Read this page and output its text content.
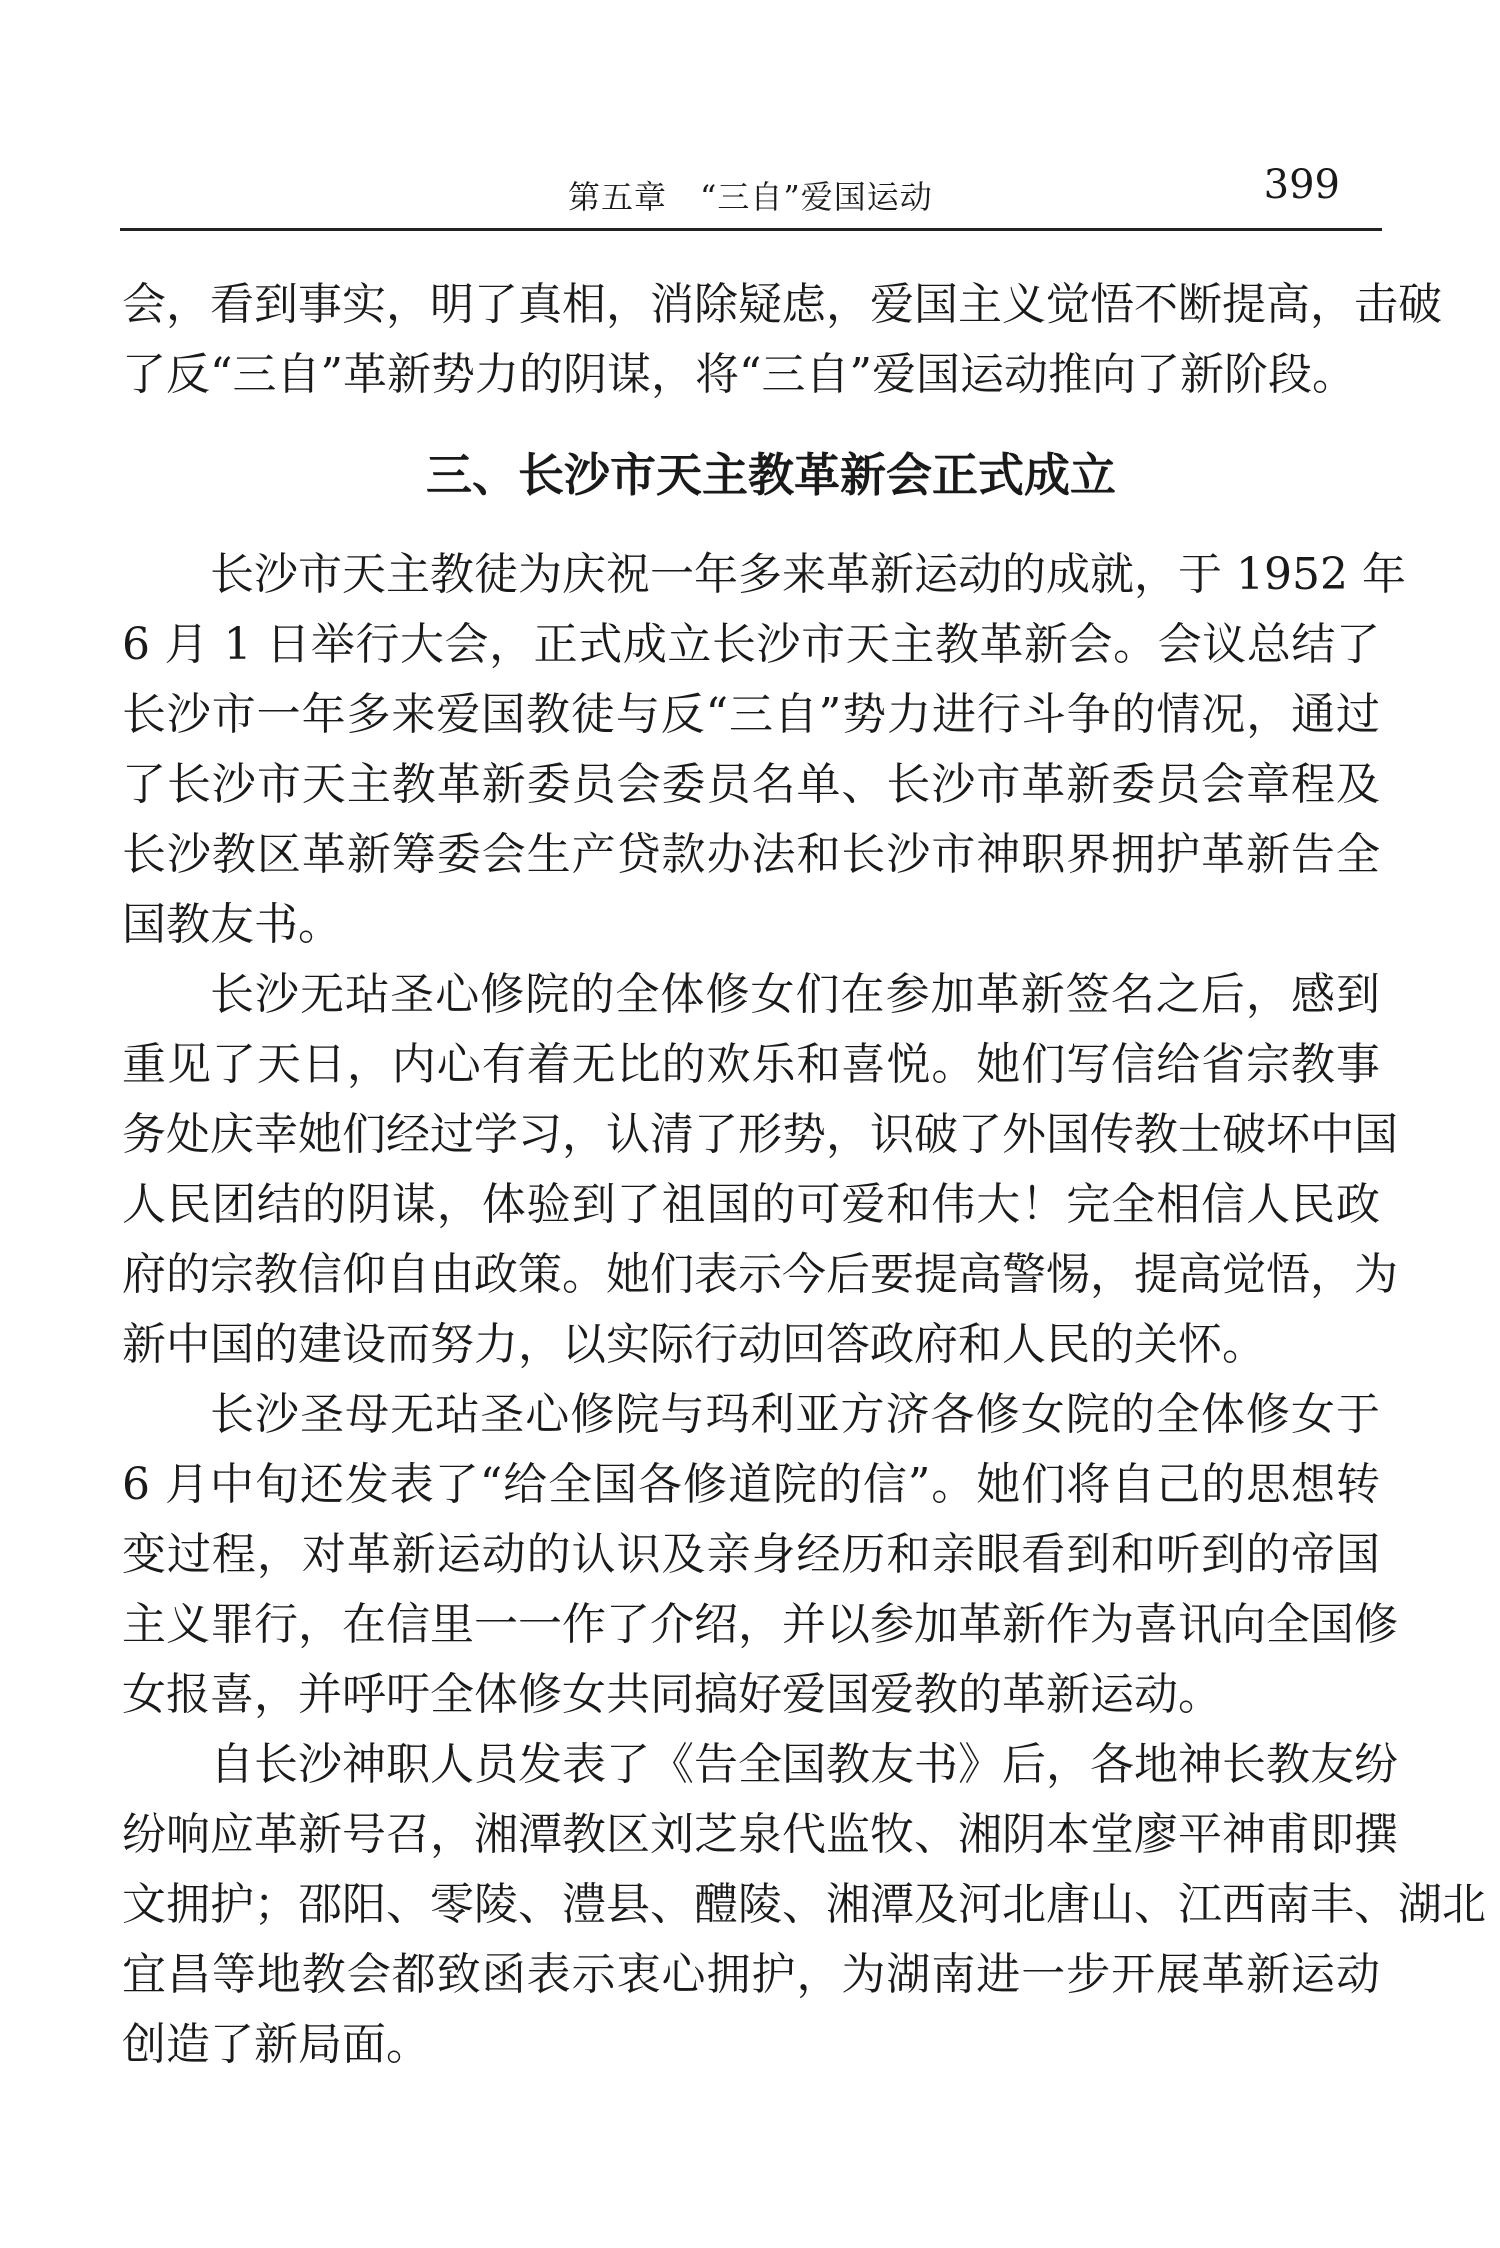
第五章　“三自”爱国运动	399
会，看到事实，明了真相，消除疑虑，爱国主义觉悟不断提高，击破
了反“三自”革新势力的阴谋，将“三自”爱国运动推向了新阶段。
三、长沙市天主教革新会正式成立
长沙市天主教徒为庆祝一年多来革新运动的成就，于 1952 年
6 月 1 日举行大会，正式成立长沙市天主教革新会。会议总结了
长沙市一年多来爱国教徒与反“三自”势力进行斗争的情况，通过
了长沙市天主教革新委员会委员名单、长沙市革新委员会章程及
长沙教区革新筹委会生产贷款办法和长沙市神职界拥护革新告全
国教友书。
长沙无玷圣心修院的全体修女们在参加革新签名之后，感到
重见了天日，内心有着无比的欢乐和喜悦。她们写信给省宗教事
务处庆幸她们经过学习，认清了形势，识破了外国传教士破坏中国
人民团结的阴谋，体验到了祖国的可爱和伟大！完全相信人民政
府的宗教信仰自由政策。她们表示今后要提高警惕，提高觉悟，为
新中国的建设而努力，以实际行动回答政府和人民的关怀。
长沙圣母无玷圣心修院与玛利亚方济各修女院的全体修女于
6 月中旬还发表了“给全国各修道院的信”。她们将自己的思想转
变过程，对革新运动的认识及亲身经历和亲眼看到和听到的帝国
主义罪行，在信里一一作了介绍，并以参加革新作为喜讯向全国修
女报喜，并呼吁全体修女共同搞好爱国爱教的革新运动。
自长沙神职人员发表了《告全国教友书》后，各地神长教友纷
纷响应革新号召，湘潭教区刘芝泉代监牧、湘阴本堂廖平神甫即撰
文拥护；邵阳、零陵、澧县、醴陵、湘潭及河北唐山、江西南丰、湖北
宜昌等地教会都致函表示衷心拥护，为湖南进一步开展革新运动
创造了新局面。
